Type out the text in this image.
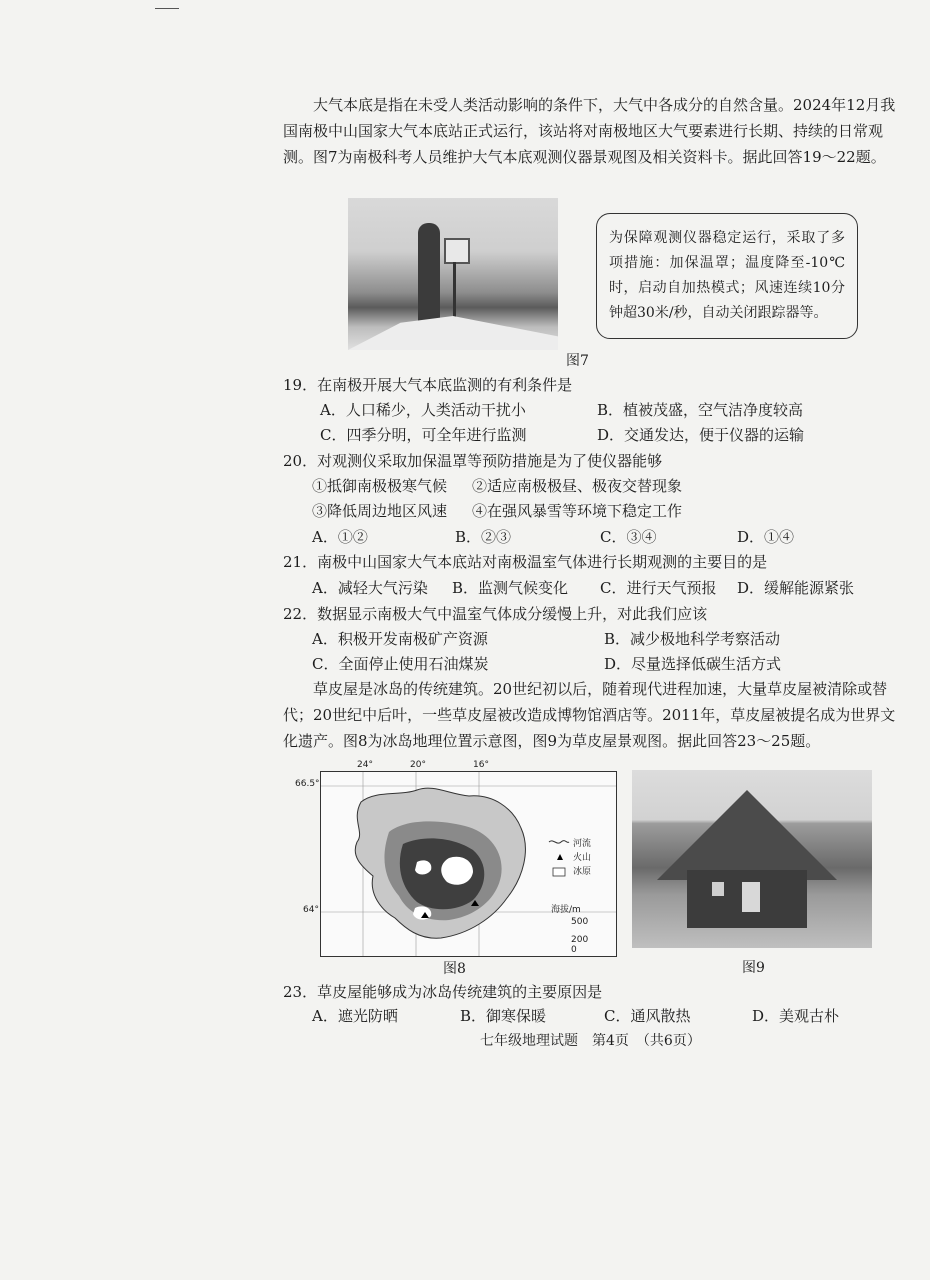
大气本底是指在未受人类活动影响的条件下，大气中各成分的自然含量。2024年12月我国南极中山国家大气本底站正式运行，该站将对南极地区大气要素进行长期、持续的日常观测。图7为南极科考人员维护大气本底观测仪器景观图及相关资料卡。据此回答19～22题。
为保障观测仪器稳定运行，采取了多项措施：加保温罩；温度降至-10℃时，启动自加热模式；风速连续10分钟超30米/秒，自动关闭跟踪器等。
图7
19．在南极开展大气本底监测的有利条件是
A．人口稀少，人类活动干扰小	B．植被茂盛，空气洁净度较高
C．四季分明，可全年进行监测	D．交通发达，便于仪器的运输
20．对观测仪采取加保温罩等预防措施是为了使仪器能够
①抵御南极极寒气候 ②适应南极极昼、极夜交替现象
③降低周边地区风速 ④在强风暴雪等环境下稳定工作
A．①②	B．②③	C．③④	D．①④
21．南极中山国家大气本底站对南极温室气体进行长期观测的主要目的是
A．减轻大气污染 B．监测气候变化 C．进行天气预报 D．缓解能源紧张
22．数据显示南极大气中温室气体成分缓慢上升，对此我们应该
A．积极开发南极矿产资源	B．减少极地科学考察活动
C．全面停止使用石油煤炭	D．尽量选择低碳生活方式
草皮屋是冰岛的传统建筑。20世纪初以后，随着现代进程加速，大量草皮屋被清除或替代；20世纪中后叶，一些草皮屋被改造成博物馆酒店等。2011年，草皮屋被提名成为世界文化遗产。图8为冰岛地理位置示意图，图9为草皮屋景观图。据此回答23～25题。
24°	20°	16°
66.5°
64°
河流
火山
冰原
海拔/m
500
200
0
图8	图9
23．草皮屋能够成为冰岛传统建筑的主要原因是
A．遮光防晒	B．御寒保暖	C．通风散热	D．美观古朴
七年级地理试题　第4页　（共6页）
